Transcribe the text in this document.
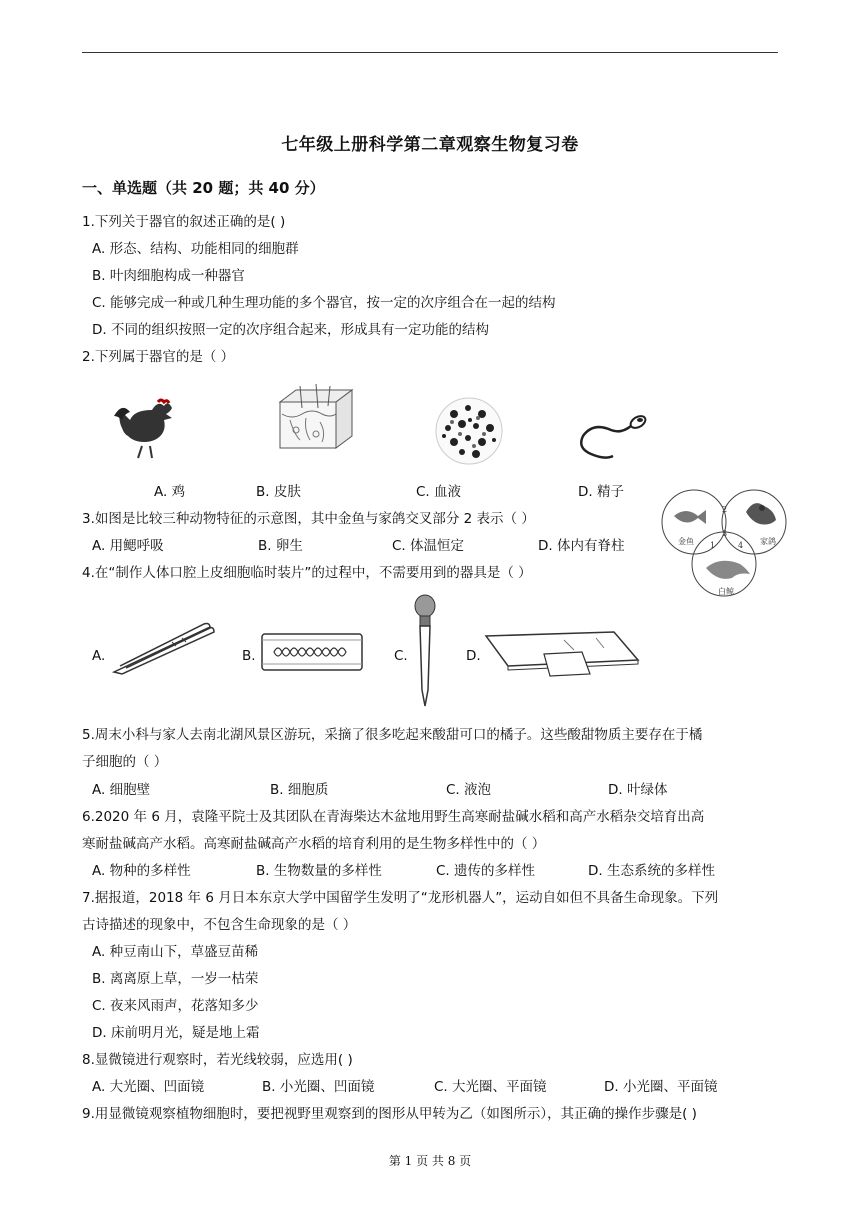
七年级上册科学第二章观察生物复习卷
一、单选题（共 20 题；共 40 分）
1.下列关于器官的叙述正确的是( )
A. 形态、结构、功能相同的细胞群
B. 叶肉细胞构成一种器官
C. 能够完成一种或几种生理功能的多个器官，按一定的次序组合在一起的结构
D. 不同的组织按照一定的次序组合起来，形成具有一定功能的结构
2.下列属于器官的是（ ）
A. 鸡	B. 皮肤	C. 血液	D. 精子
3.如图是比较三种动物特征的示意图，其中金鱼与家鸽交叉部分 2 表示（ ）
A. 用鳃呼吸	B. 卵生	C. 体温恒定	D. 体内有脊柱	金鱼	家鸽
白鲸
1
2
3
4
4.在“制作人体口腔上皮细胞临时装片”的过程中，不需要用到的器具是（ ）
A.	B.	C.	D.
5.周末小科与家人去南北湖风景区游玩，采摘了很多吃起来酸甜可口的橘子。这些酸甜物质主要存在于橘
子细胞的（ ）
A. 细胞壁	B. 细胞质	C. 液泡	D. 叶绿体
6.2020 年 6 月，袁隆平院士及其团队在青海柴达木盆地用野生高寒耐盐碱水稻和高产水稻杂交培育出高
寒耐盐碱高产水稻。高寒耐盐碱高产水稻的培育利用的是生物多样性中的（ ）
A. 物种的多样性	B. 生物数量的多样性	C. 遗传的多样性	D. 生态系统的多样性
7.据报道，2018 年 6 月日本东京大学中国留学生发明了“龙形机器人”，运动自如但不具备生命现象。下列
古诗描述的现象中，不包含生命现象的是（ ）
A. 种豆南山下，草盛豆苗稀
B. 离离原上草，一岁一枯荣
C. 夜来风雨声，花落知多少
D. 床前明月光，疑是地上霜
8.显微镜进行观察时，若光线较弱，应选用( )
A. 大光圈、凹面镜	B. 小光圈、凹面镜	C. 大光圈、平面镜	D. 小光圈、平面镜
9.用显微镜观察植物细胞时，要把视野里观察到的图形从甲转为乙（如图所示），其正确的操作步骤是( )
第 1 页 共 8 页
